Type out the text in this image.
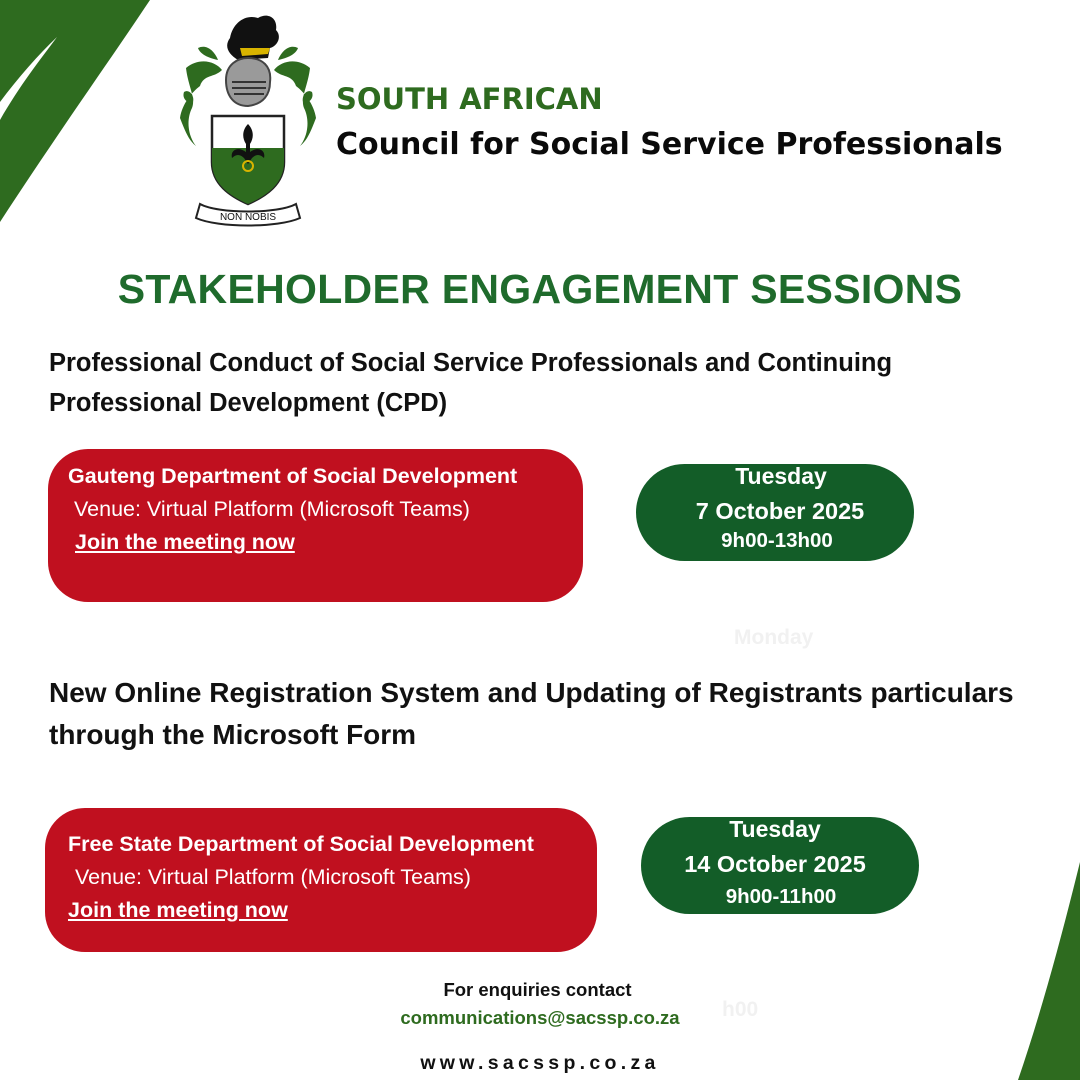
NON NOBIS
SOUTH AFRICAN
Council for Social Service Professionals
STAKEHOLDER ENGAGEMENT SESSIONS
Professional Conduct of Social Service Professionals and Continuing Professional Development (CPD)
Gauteng Department of Social Development
Venue: Virtual Platform (Microsoft Teams)
Join the meeting now
Tuesday
7 October 2025
9h00-13h00
Monday
New Online Registration System and Updating of Registrants particulars through the Microsoft Form
Free State Department of Social Development
Venue: Virtual Platform (Microsoft Teams)
Join the meeting now
Tuesday
14 October 2025
9h00-11h00
h00
For enquiries contact
communications@sacssp.co.za
www.sacssp.co.za
